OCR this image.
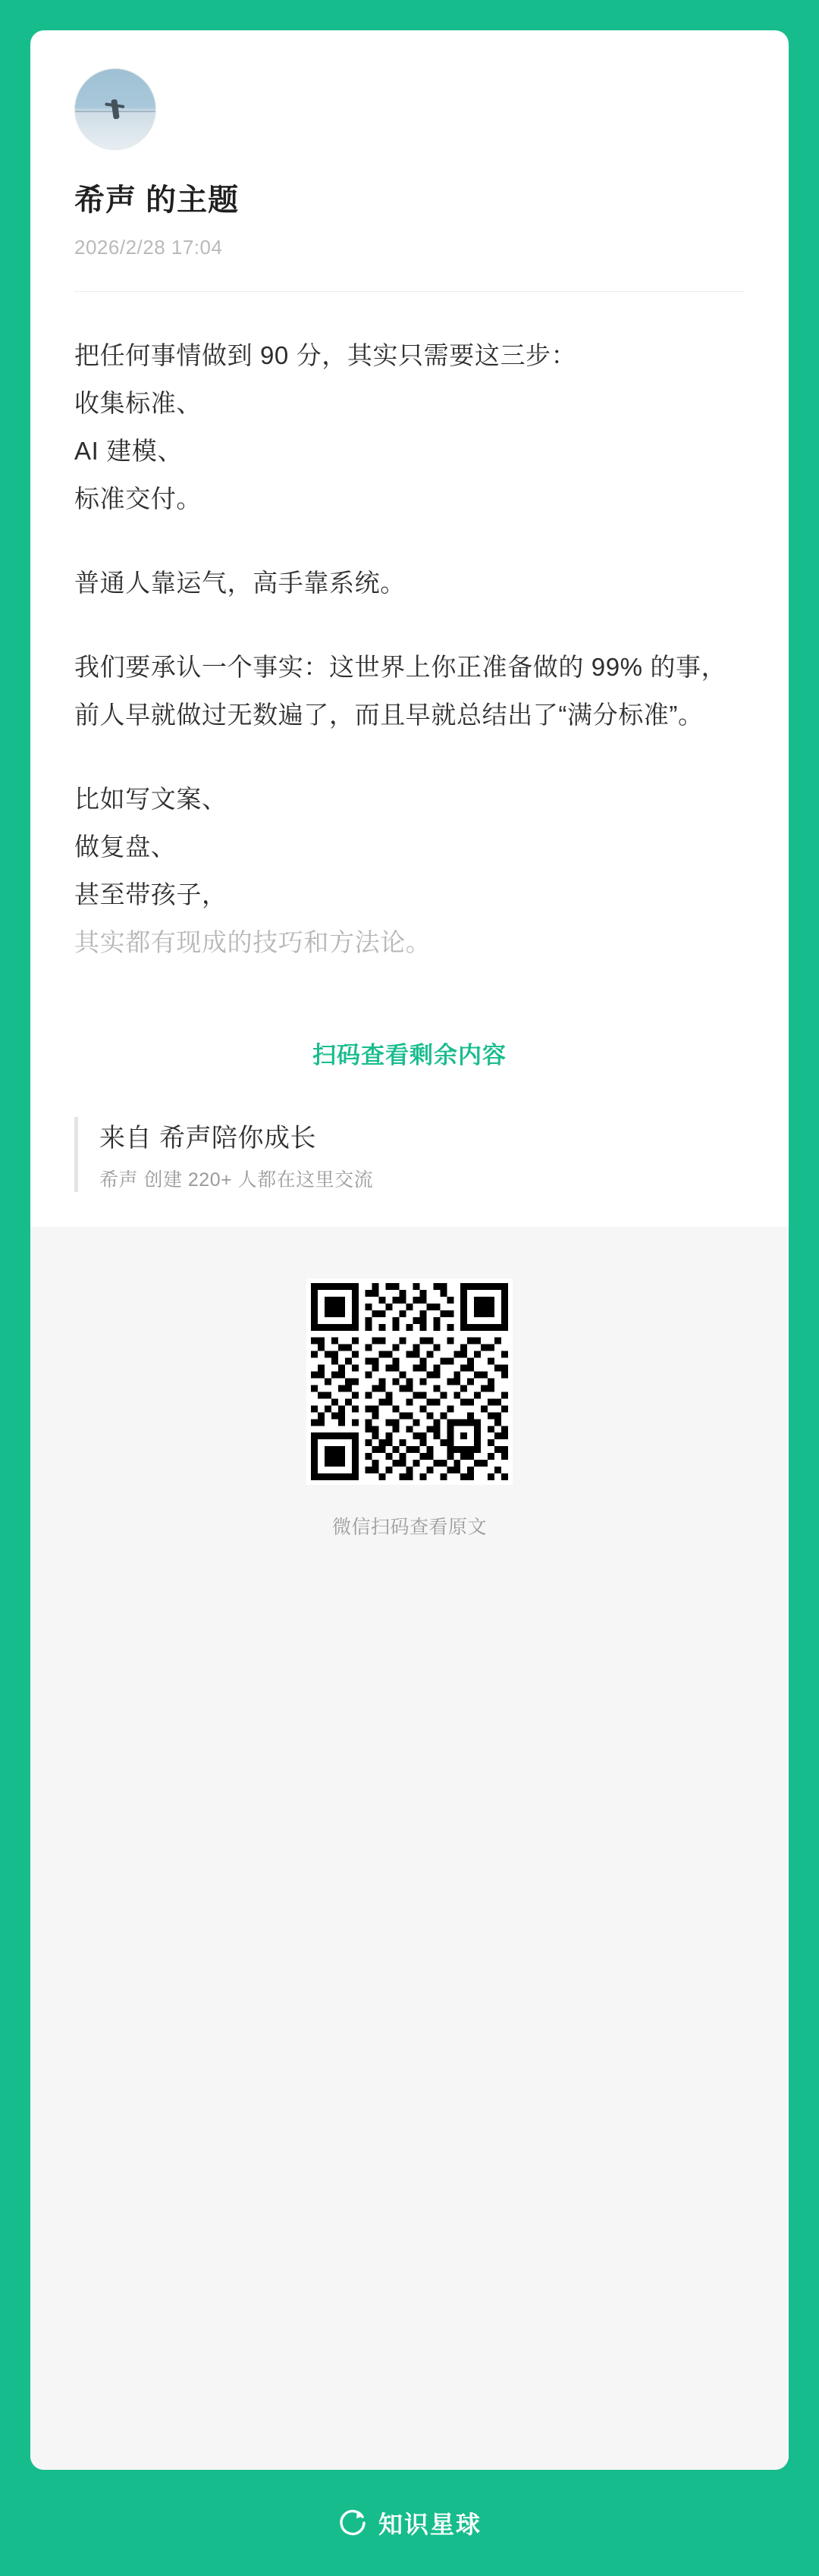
希声 的主题
2026/2/28 17:04

把任何事情做到 90 分，其实只需要这三步：

收集标准、

AI 建模、

标准交付。

普通人靠运气，高手靠系统。

我们要承认一个事实：这世界上你正准备做的 99% 的事，前人早就做过无数遍了，而且早就总结出了“满分标准”。

比如写文案、

做复盘、

甚至带孩子，

其实都有现成的技巧和方法论。

扫码查看剩余内容
来自 希声陪你成长
希声 创建 220+ 人都在这里交流
微信扫码查看原文
知识星球
